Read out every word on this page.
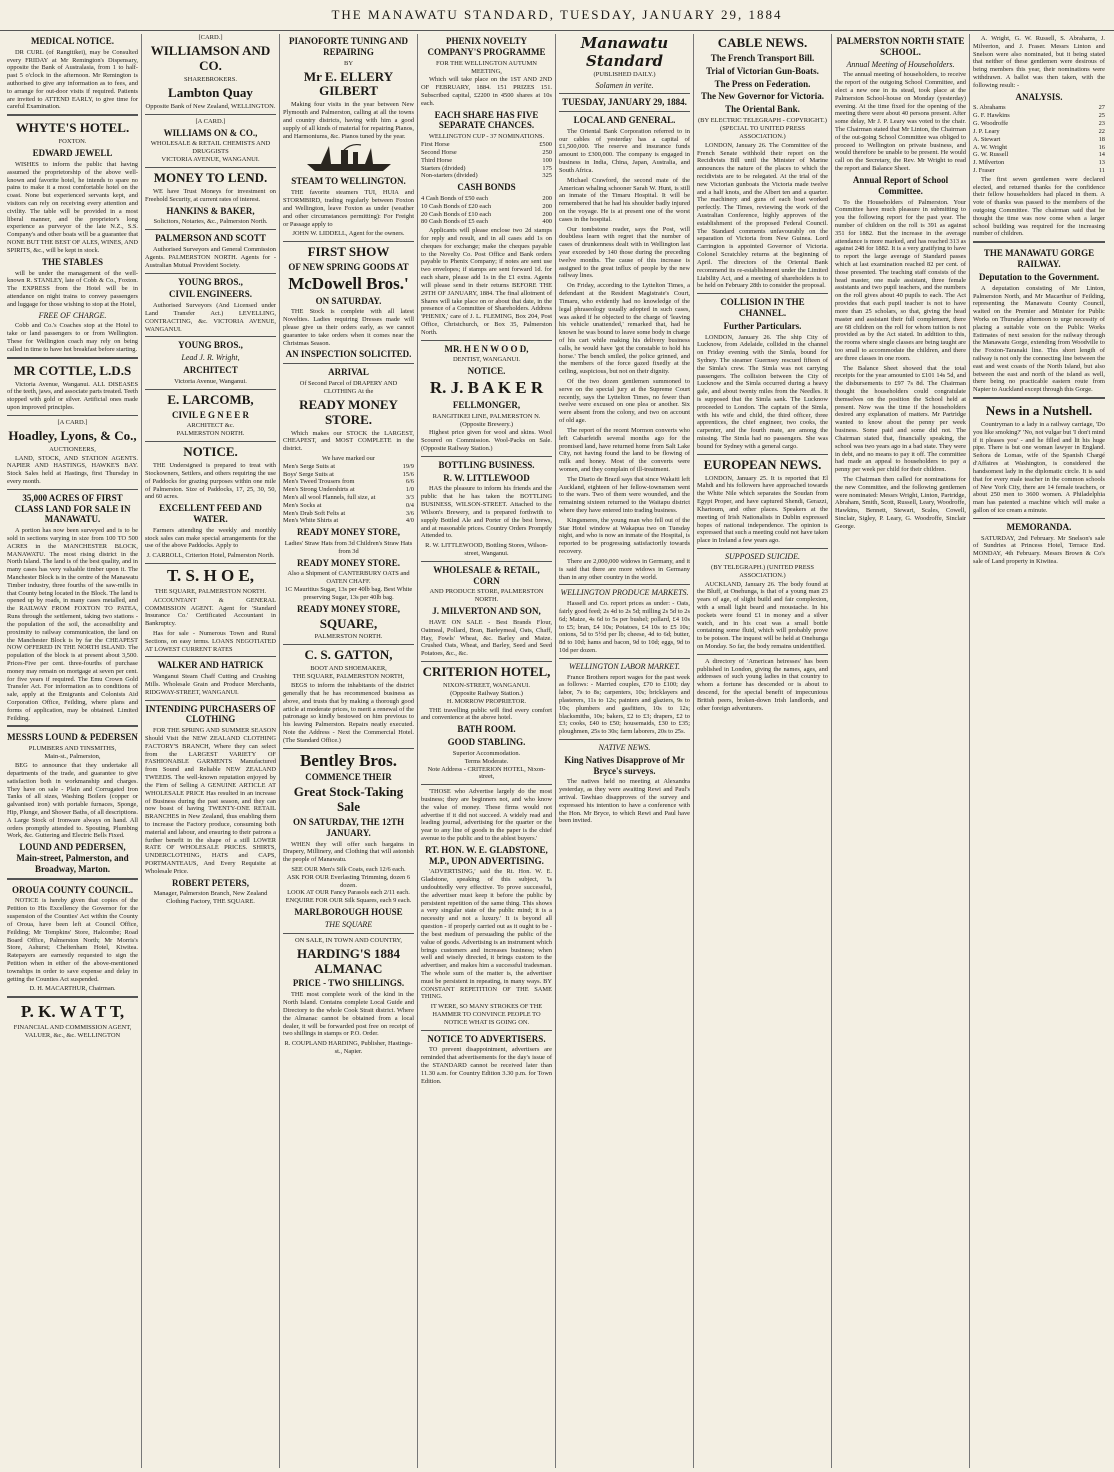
THE MANAWATU STANDARD, TUESDAY, JANUARY 29, 1884
MEDICAL NOTICE.
DR CURL (of Rangitikei), may be Consulted every FRIDAY at Mr Remington's Dispensary, opposite the Bank of Australasia, from 1 to half-past 5 o'clock in the afternoon. Mr Remington is authorised to give any information as to fees, and to arrange for out-door visits if required. Patients are invited to ATTEND EARLY, to give time for careful Examination.
WHYTE'S HOTEL.
FOXTON.
EDWARD JEWELL
WISHES to inform the public that having assumed the proprietorship of the above well-known and favorite hotel, he intends to spare no pains to make it a most comfortable hotel on the coast. None but experienced servants kept, and visitors can rely on receiving every attention and civility. The table will be provided in a most liberal manner, and the proprietor's long experience as purveyor of the late N.Z., S.S. Company's and other boats will be a guarantee that NONE BUT THE BEST OF ALES, WINES, AND SPIRITS, &c., will be kept in stock.
THE STABLES
will be under the management of the well-known R. STANLEY, late of Cobb & Co., Foxton. The EXPRESS from the Hotel will be in attendance on night trains to convey passengers and luggage for those wishing to stop at the Hotel,
FREE OF CHARGE.
Cobb and Co.'s Coaches stop at the Hotel to take or land passengers to or from Wellington. These for Wellington coach may rely on being called in time to have hot breakfast before starting.
MR COTTLE, L.D.S
Victoria Avenue, Wanganui. ALL DISEASES of the teeth, jaws, and associate parts treated. Teeth stopped with gold or silver. Artificial ones made upon improved principles.
[A CARD.]
Hoadley, Lyons, & Co.,
AUCTIONEERS,
LAND, STOCK, AND STATION AGENTS. NAPIER AND HASTINGS, HAWKE'S BAY. Stock Sales held at Hastings, first Thursday in every month.
35,000 ACRES OF FIRST CLASS LAND FOR SALE IN MANAWATU.
A portion has now been surveyed and is to be sold in sections varying in size from 100 TO 500 ACRES in the MANCHESTER BLOCK, MANAWATU. The most rising district in the North Island. The land is of the best quality, and in many cases has very valuable timber upon it. The Manchester Block is in the centre of the Manawatu Timber industry, three fourths of the saw-mills in that County being located in the Block. The land is opened up by roads, in many cases metalled, and the RAILWAY FROM FOXTON TO PATEA, Runs through the settlement, taking two stations - the population of the soil, the accessibility and proximity to railway communication, the land on the Manchester Block is by far the CHEAPEST NOW OFFERED IN THE NORTH ISLAND. The population of the block is at present about 3,500. Prices-Five per cent. three-fourths of purchase money may remain on mortgage at seven per cent. for five years if required. The Emu Crown Gold Transfer Act. For information as to conditions of sale, apply at the Emigrants and Colonists Aid Corporation Office, Feilding, where plans and forms of application, may be obtained. Limited Feilding.
MESSRS LOUND & PEDERSEN
PLUMBERS AND TINSMITHS,
Main-st., Palmerston,
BEG to announce that they undertake all departments of the trade, and guarantee to give satisfaction both in workmanship and charges. They have on sale - Plain and Corrugated Iron Tanks of all sizes, Washing Boilers (copper or galvanised iron) with portable furnaces, Sponge, Hip, Plunge, and Shower Baths, of all descriptions. A Large Stock of Ironware always on hand. All orders promptly attended to. Spouting, Plumbing Work, &c. Guttering and Electric Bells Fixed.
LOUND AND PEDERSEN, Main-street, Palmerston, and Broadway, Marton.
OROUA COUNTY COUNCIL.
NOTICE is hereby given that copies of the Petition to His Excellency the Governor for the suspension of the Counties' Act within the County of Oroua, have been left at Council Office, Feilding; Mr Tompkins' Store, Halcombe; Road Board Office, Palmerston North; Mr Morris's Store, Ashurst; Cheltenham Hotel, Kiwitea. Ratepayers are earnestly requested to sign the Petition when in either of the above-mentioned townships in order to save expense and delay in getting the Counties Act suspended.
D. H. MACARTHUR, Chairman.
P. K. W A T T,
FINANCIAL AND COMMISSION AGENT, VALUER, &c., &c. WELLINGTON
[CARD.]
WILLIAMSON AND CO.
SHAREBROKERS.
Lambton Quay
Opposite Bank of New Zealand, WELLINGTON.
[A CARD.]
WILLIAMS ON & CO.,
WHOLESALE & RETAIL CHEMISTS AND DRUGGISTS
VICTORIA AVENUE, WANGANUI.
MONEY TO LEND.
WE have Trust Moneys for investment on Freehold Security, at current rates of interest.
HANKINS & BAKER,
Solicitors, Notaries, &c., Palmerston North.
PALMERSON AND SCOTT
Authorised Surveyors and General Commission Agents. PALMERSTON NORTH. Agents for - Australian Mutual Provident Society.
YOUNG BROS.,
CIVIL ENGINEERS.
Authorised Surveyors (And Licensed under Land Transfer Act.) LEVELLING, CONTRACTING, &c. VICTORIA AVENUE, WANGANUI.
YOUNG BROS.,
Lead J. R. Wright,
ARCHITECT
Victoria Avenue, Wanganui.
E. LARCOMB,
CIVIL E G N E E R
ARCHITECT &c.
PALMERSTON NORTH.
NOTICE.
THE Undersigned is prepared to treat with Stockowners, Settlers, and others requiring the use of Paddocks for grazing purposes within one mile of Palmerston. Size of Paddocks, 17, 25, 30, 50, and 60 acres.
EXCELLENT FEED AND WATER.
Farmers attending the weekly and monthly stock sales can make special arrangements for the use of the above Paddocks. Apply to
J. CARROLL, Criterion Hotel, Palmerston North.
T. S. H O E,
THE SQUARE, PALMERSTON NORTH.
ACCOUNTANT & GENERAL COMMISSION AGENT. Agent for 'Standard Insurance Co.' Certificated Accountant in Bankruptcy.
Has for sale - Numerous Town and Rural Sections, on easy terms. LOANS NEGOTIATED AT LOWEST CURRENT RATES
WALKER AND HATRICK
Wanganui Steam Chaff Cutting and Crushing Mills. Wholesale Grain and Produce Merchants, RIDGWAY-STREET, WANGANUI.
INTENDING PURCHASERS OF CLOTHING
FOR THE SPRING AND SUMMER SEASON Should Visit the NEW ZEALAND CLOTHING FACTORY'S BRANCH, Where they can select from the LARGEST VARIETY OF FASHIONABLE GARMENTS Manufactured from Sound and Reliable NEW ZEALAND TWEEDS. The well-known reputation enjoyed by the Firm of Selling A GENUINE ARTICLE AT WHOLESALE PRICE Has resulted in an increase of Business during the past season, and they can now boast of having TWENTY-ONE RETAIL BRANCHES in New Zealand, thus enabling them to increase the Factory produce, consuming both material and labour, and ensuring to their patrons a further benefit in the shape of a still LOWER RATE OF WHOLESALE PRICES. SHIRTS, UNDERCLOTHING, HATS and CAPS, PORTMANTEAUS, And Every Requisite at Wholesale Price.
ROBERT PETERS,
Manager, Palmerston Branch, New Zealand Clothing Factory, THE SQUARE.
PIANOFORTE TUNING AND REPAIRING
BY
Mr E. ELLERY GILBERT
Making four visits in the year between New Plymouth and Palmerston, calling at all the towns and country districts, having with him a good supply of all kinds of material for repairing Pianos, and Harmoniums, &c. Pianos tuned by the year.
STEAM TO WELLINGTON.
THE favorite steamers TUI, HUIA and STORMBIRD, trading regularly between Foxton and Wellington, leave Foxton as under (weather and other circumstances permitting): For Freight or Passage apply to
JOHN W. LIDDELL, Agent for the owners.
FIRST SHOW
OF NEW SPRING GOODS AT
McDowell Bros.'
ON SATURDAY.
THE Stock is complete with all latest Novelties. Ladies requiring Dresses made will please give us their orders early, as we cannot guarantee to take orders when it comes near the Christmas Season.
AN INSPECTION SOLICITED.
ARRIVAL
Of Second Parcel of DRAPERY AND CLOTHING At the
READY MONEY STORE.
Which makes our STOCK the LARGEST, CHEAPEST, and MOST COMPLETE in the district.
We have marked our
Men's Serge Suits at	19/9
Boys' Serge Suits at	15/6
Men's Tweed Trousers from	6/6
Men's Strong Undershirts at	1/0
Men's all wool Flannels, full size, at	3/3
Men's Socks at	0/4
Men's Drab Soft Felts at	3/6
Men's White Shirts at	4/0
READY MONEY STORE,
Ladies' Straw Hats from 3d Children's Straw Hats from 3d
READY MONEY STORE.
Also a Shipment of CANTERBURY OATS and OATEN CHAFF.
1C Mauritius Sugar, 13s per 40lb bag. Best White preserving Sugar, 13s per 40lb bag.
READY MONEY STORE,
SQUARE,
PALMERSTON NORTH.
C. S. GATTON,
BOOT AND SHOEMAKER,
THE SQUARE, PALMERSTON NORTH,
BEGS to inform the inhabitants of the district generally that he has recommenced business as above, and trusts that by making a thorough good article at moderate prices, to merit a renewal of the patronage so kindly bestowed on him previous to his leaving Palmerston. Repairs neatly executed. Note the Address - Next the Commercial Hotel. (The Standard Office.)
Bentley Bros.
COMMENCE THEIR
Great Stock-Taking Sale
ON SATURDAY, THE 12TH JANUARY.
WHEN they will offer such bargains in Drapery, Millinery, and Clothing that will astonish the people of Manawatu.
SEE OUR Men's Silk Coats, each 12/6 each.
ASK FOR OUR Everlasting Trimming, dozen 6 dozen.
LOOK AT OUR Fancy Parasols each 2/11 each.
ENQUIRE FOR OUR Silk Squares, each 9 each.
MARLBOROUGH HOUSE
THE SQUARE
ON SALE, IN TOWN AND COUNTRY,
HARDING'S 1884 ALMANAC
PRICE - TWO SHILLINGS.
THE most complete work of the kind in the North Island. Contains complete Local Guide and Directory to the whole Cook Strait district. Where the Almanac cannot be obtained from a local dealer, it will be forwarded post free on receipt of two shillings in stamps or P.O. Order.
R. COUPLAND HARDING, Publisher, Hastings-st., Napier.
PHENIX NOVELTY COMPANY'S PROGRAMME
FOR THE WELLINGTON AUTUMN MEETING,
Which will take place on the 1ST AND 2ND OF FEBRUARY, 1884. 151 PRIZES 151. Subscribed capital, £2200 in 4500 shares at 10s each.
EACH SHARE HAS FIVE SEPARATE CHANCES.
WELLINGTON CUP - 37 NOMINATIONS.
First Horse	£500
Second Horse	250
Third Horse	100
Starters (divided)	175
Non-starters (divided)	325
CASH BONDS
4 Cash Bonds of £50 each	200
10 Cash Bonds of £20 each	200
20 Cash Bonds of £10 each	200
80 Cash Bonds of £5 each	400
Applicants will please enclose two 2d stamps for reply and result, and in all cases add 1s on cheques for exchange; make the cheques payable to the Novelty Co. Post Office and Bank orders payable to Phenix Company; if notes are sent use two envelopes; if stamps are sent forward 1d. for each share, please add 1s in the £1 extra. Agents will please send in their returns BEFORE THE 29TH OF JANUARY, 1884. The final allotment of Shares will take place on or about that date, in the presence of a Committee of Shareholders. Address 'PHENIX,' care of J. L. FLEMING, Box 204, Post Office, Christchurch, or Box 35, Palmerston North.
MR. H E N W O O D,
DENTIST, WANGANUI.
NOTICE.
R. J. B A K E R
FELLMONGER,
RANGITIKEI LINE, PALMERSTON N. (Opposite Brewery.)
Highest price given for wool and skins. Wool Scoured on Commission. Wool-Packs on Sale. (Opposite Railway Station.)
BOTTLING BUSINESS.
R. W. LITTLEWOOD
HAS the pleasure to inform his friends and the public that he has taken the BOTTLING BUSINESS, WILSON-STREET. Attached to the Wilson's Brewery, and is prepared forthwith to supply Bottled Ale and Porter of the best brews, and at reasonable prices. Country Orders Promptly Attended to.
R. W. LITTLEWOOD, Bottling Stores, Wilson-street, Wanganui.
WHOLESALE & RETAIL, CORN
AND PRODUCE STORE, PALMERSTON NORTH.
J. MILVERTON AND SON,
HAVE ON SALE - Best Brands Flour, Oatmeal, Pollard, Bran, Barleymeal, Oats, Chaff, Hay, Fowls' Wheat, &c. Barley and Maize. Crushed Oats, Wheat, and Barley, Seed and Seed Potatoes, &c., &c.
CRITERION HOTEL,
NIXON-STREET, WANGANUI.
(Opposite Railway Station.)
H. MORROW PROPRIETOR.
THE travelling public will find every comfort and convenience at the above hotel.
BATH ROOM.
GOOD STABLING.
Superior Accommodation.
Terms Moderate.
Note Address - CRITERION HOTEL, Nixon-street,
'THOSE who Advertise largely do the most business; they are beginners not, and who know the value of money. These firms would not advertise if it did not succeed. A widely read and leading journal, advertising for the quarter or the year to any line of goods in the paper is the chief avenue to the public and to the ablest buyers.'
RT. HON. W. E. GLADSTONE, M.P., UPON ADVERTISING.
'ADVERTISING,' said the Rt. Hon. W. E. Gladstone, speaking of this subject, 'is undoubtedly very effective. To prove successful, the advertiser must keep it before the public by persistent repetition of the same thing. This shows a very singular state of the public mind; it is a necessity and not a luxury.' It is beyond all question - if properly carried out as it ought to be - the best medium of persuading the public of the value of goods. Advertising is an instrument which brings customers and increases business; when well and wisely directed, it brings custom to the advertiser, and makes him a successful tradesman. The whole sum of the matter is, the advertiser must be persistent in repeating, in many ways. BY CONSTANT REPETITION OF THE SAME THING.
IT WERE, SO MANY STROKES OF THE HAMMER TO CONVINCE PEOPLE TO NOTICE WHAT IS GOING ON.
NOTICE TO ADVERTISERS.
TO prevent disappointment, advertisers are reminded that advertisements for the day's issue of the STANDARD cannot be received later than 11.30 a.m. for Country Edition 3.30 p.m. for Town Edition.
Manawatu Standard
(PUBLISHED DAILY.)
Solamen in verite.
TUESDAY, JANUARY 29, 1884.
LOCAL AND GENERAL.
The Oriental Bank Corporation referred to in our cables of yesterday has a capital of £1,500,000. The reserve and insurance funds amount to £300,000. The company is engaged in business in India, China, Japan, Australia, and South Africa.
Michael Crawford, the second mate of the American whaling schooner Sarah W. Hunt, is still an inmate of the Timaru Hospital. It will be remembered that he had his shoulder badly injured on the voyage. He is at present one of the worst cases in the hospital.
Our tombstone reader, says the Post, will doubtless learn with regret that the number of cases of drunkenness dealt with in Wellington last year exceeded by 140 those during the preceding twelve months. The cause of this increase is assigned to the great influx of people by the new railway lines.
On Friday, according to the Lyttelton Times, a defendant at the Resident Magistrate's Court, Timaru, who evidently had no knowledge of the legal phraseology usually adopted in such cases, was asked if he objected to the charge of 'leaving his vehicle unattended,' remarked that, had he known he was bound to leave some body in charge of his cart while making his delivery business calls, he would have 'got the constable to hold his horse.' The bench smiled, the police grinned, and the members of the force gazed fixedly at the ceiling, suspicious, but not on their dignity.
Of the two dozen gentlemen summoned to serve on the special jury at the Supreme Court recently, says the Lyttelton Times, no fewer than twelve were excused on one plea or another. Six were absent from the colony, and two on account of old age.
The report of the recent Mormon converts who left Cabarfeidh several months ago for the promised land, have returned home from Salt Lake City, not having found the land to be flowing of milk and honey. Most of the converts were women, and they complain of ill-treatment.
The Diario de Brazil says that since Wakaiti left Auckland, eighteen of her fellow-townsmen went to the wars. Two of them were wounded, and the remaining sixteen returned to the Waitapu district where they have entered into trading business.
Kingsmeres, the young man who fell out of the Star Hotel window at Wakapua two on Tuesday night, and who is now an inmate of the Hospital, is reported to be progressing satisfactorily towards recovery.
There are 2,000,000 widows in Germany, and it is said that there are more widows in Germany than in any other country in the world.
WELLINGTON PRODUCE MARKETS.
Hassell and Co. report prices as under: - Oats, fairly good feed; 2s 4d to 2s 5d; milling 2s 5d to 2s 6d; Maize, 4s 6d to 5s per bushel; pollard, £4 10s to £5; bran, £4 10s; Potatoes, £4 10s to £5 10s; onions, 5d to 5½d per lb; cheese, 4d to 6d; butter, 8d to 10d; hams and bacon, 9d to 10d; eggs, 9d to 10d per dozen.
WELLINGTON LABOR MARKET.
France Brothers report wages for the past week as follows: - Married couples, £70 to £100; day labor, 7s to 8s; carpenters, 10s; bricklayers and plasterers, 11s to 12s; painters and glaziers, 9s to 10s; plumbers and gasfitters, 10s to 12s; blacksmiths, 10s; bakers, £2 to £3; drapers, £2 to £3; cooks, £40 to £50; housemaids, £30 to £35; ploughmen, 25s to 30s; farm laborers, 20s to 25s.
NATIVE NEWS.
King Natives Disapprove of Mr Bryce's surveys.
The natives held no meeting at Alexandra yesterday, as they were awaiting Rewi and Paul's arrival. Tawhiao disapproves of the survey and expressed his intention to have a conference with the Hon. Mr Bryce, to which Rewi and Paul have been invited.
CABLE NEWS.
The French Transport Bill.
Trial of Victorian Gun-Boats.
The Press on Federation.
The New Governor for Victoria.
The Oriental Bank.
(BY ELECTRIC TELEGRAPH - COPYRIGHT.) (SPECIAL TO UNITED PRESS ASSOCIATION.)
LONDON, January 26. The Committee of the French Senate withhold their report on the Recidivists Bill until the Minister of Marine announces the nature of the places to which the recidivists are to be relegated. At the trial of the new Victorian gunboats the Victoria made twelve and a half knots, and the Albert ten and a quarter. The machinery and guns of each boat worked perfectly. The Times, reviewing the work of the Australian Conference, highly approves of the establishment of the proposed Federal Council. The Standard comments unfavourably on the separation of Victoria from New Guinea. Lord Carrington is appointed Governor of Victoria. Colonel Scratchley returns at the beginning of April. The directors of the Oriental Bank recommend its re-establishment under the Limited Liability Act, and a meeting of shareholders is to be held on February 28th to consider the proposal.
COLLISION IN THE CHANNEL.
Further Particulars.
LONDON, January 26. The ship City of Lucknow, from Adelaide, collided in the channel on Friday evening with the Simla, bound for Sydney. The steamer Guernsey rescued fifteen of the Simla's crew. The Simla was not carrying passengers. The collision between the City of Lucknow and the Simla occurred during a heavy gale, and about twenty miles from the Needles. It is supposed that the Simla sank. The Lucknow proceeded to London. The captain of the Simla, with his wife and child, the third officer, three apprentices, the chief engineer, two cooks, the carpenter, and the fourth mate, are among the missing. The Simla had no passengers. She was bound for Sydney with a general cargo.
EUROPEAN NEWS.
LONDON, January 25. It is reported that El Mahdi and his followers have approached towards the White Nile which separates the Soudan from Egypt Proper, and have captured Shendi, Gerazzi, Khartoum, and other places. Speakers at the meeting of Irish Nationalists in Dublin expressed hopes of national independence. The opinion is expressed that such a meeting could not have taken place in Ireland a few years ago.
SUPPOSED SUICIDE.
(BY TELEGRAPH.) (UNITED PRESS ASSOCIATION.)
AUCKLAND, January 26. The body found at the Bluff, at Onehunga, is that of a young man 23 years of age, of slight build and fair complexion, with a small light beard and moustache. In his pockets were found £1 in money and a silver watch, and in his coat was a small bottle containing some fluid, which will probably prove to be poison. The inquest will be held at Onehunga on Monday. So far, the body remains unidentified.
A directory of 'American heiresses' has been published in London, giving the names, ages, and addresses of such young ladies in that country to whom a fortune has descended or is about to descend, for the special benefit of impecunious British peers, broken-down Irish landlords, and other foreign adventurers.
PALMERSTON NORTH STATE SCHOOL.
Annual Meeting of Householders.
The annual meeting of householders, to receive the report of the outgoing School Committee, and elect a new one in its stead, took place at the Palmerston School-house on Monday (yesterday) evening. At the time fixed for the opening of the meeting there were about 40 persons present. After some delay, Mr J. P. Leary was voted to the chair. The Chairman stated that Mr Linton, the Chairman of the out-going School Committee was obliged to proceed to Wellington on private business, and would therefore be unable to be present. He would call on the Secretary, the Rev. Mr Wright to read the report and Balance Sheet.
Annual Report of School Committee.
To the Householders of Palmerston. Your Committee have much pleasure in submitting to you the following report for the past year. The number of children on the roll is 391 as against 351 for 1882. But the increase in the average attendance is more marked, and has reached 313 as against 248 for 1882. It is a very gratifying to have to report the large average of Standard passes which at last examination reached 82 per cent. of those presented. The teaching staff consists of the head master, one male assistant, three female assistants and two pupil teachers, and the numbers on the roll gives about 40 pupils to each. The Act provides that each pupil teacher is not to have more than 25 scholars, so that, giving the head master and assistant their full complement, there are 68 children on the roll for whom tuition is not provided as by the Act stated. In addition to this, the rooms where single classes are being taught are too small to accommodate the children, and there are three classes in one room.
The Balance Sheet showed that the total receipts for the year amounted to £101 14s 5d, and the disbursements to £97 7s 8d. The Chairman thought the householders could congratulate themselves on the position the School held at present. Now was the time if the householders desired any explanation of matters. Mr Partridge wanted to know about the penny per week business. Some paid and some did not. The Chairman stated that, financially speaking, the school was two years ago in a bad state. They were in debt, and no means to pay it off. The committee had made an appeal to householders to pay a penny per week per child for their children.
The Chairman then called for nominations for the new Committee, and the following gentlemen were nominated: Messrs Wright, Linton, Partridge, Abraham, Smith, Scott, Russell, Leary, Woodroffe, Hawkins, Bennett, Stewart, Scales, Cowell, Sinclair, Sigley, P. Leary, G. Woodroffe, Sinclair George.
A. Wright, G. W. Russell, S. Abrahams, J. Milverton, and J. Fraser. Messrs Linton and Snelson were also nominated, but it being stated that neither of these gentlemen were desirous of being members this year, their nominations were withdrawn. A ballot was then taken, with the following result: -
ANALYSIS.
S. Abrahams	27
G. F. Hawkins	25
G. Woodroffe	23
J. P. Leary	22
A. Stewart	18
A. W. Wright	16
G. W. Russell	14
J. Milverton	13
J. Fraser	11
The first seven gentlemen were declared elected, and returned thanks for the confidence their fellow householders had placed in them. A vote of thanks was passed to the members of the outgoing Committee. The chairman said that he thought the time was now come when a larger school building was required for the increasing number of children.
THE MANAWATU GORGE RAILWAY.
Deputation to the Government.
A deputation consisting of Mr Linton, Palmerston North, and Mr Macarthur of Feilding, representing the Manawatu County Council, waited on the Premier and Minister for Public Works on Thursday afternoon to urge necessity of placing a suitable vote on the Public Works Estimates of next session for the railway through the Manawatu Gorge, extending from Woodville to the Foxton-Taranaki line. This short length of railway is not only the connecting line between the east and west coasts of the North Island, but also between the east and north of the island as well, there being no practicable eastern route from Napier to Auckland except through this Gorge.
News in a Nutshell.
Countryman to a lady in a railway carriage, 'Do you like smoking?' 'No, not vulgar but 'I don't mind if it pleases you' - and he filled and lit his huge pipe. There is but one woman lawyer in England. Señora de Lomas, wife of the Spanish Chargé d'Affaires at Washington, is considered the handsomest lady in the diplomatic circle. It is said that for every male teacher in the common schools of New York City, there are 14 female teachers, or about 250 men to 3600 women. A Philadelphia man has patented a machine which will make a gallon of ice cream a minute.
MEMORANDA.
SATURDAY, 2nd February. Mr Snelson's sale of Sundries at Princess Hotel, Terrace End. MONDAY, 4th February. Messrs Brown & Co's sale of Land property in Kiwitea.
